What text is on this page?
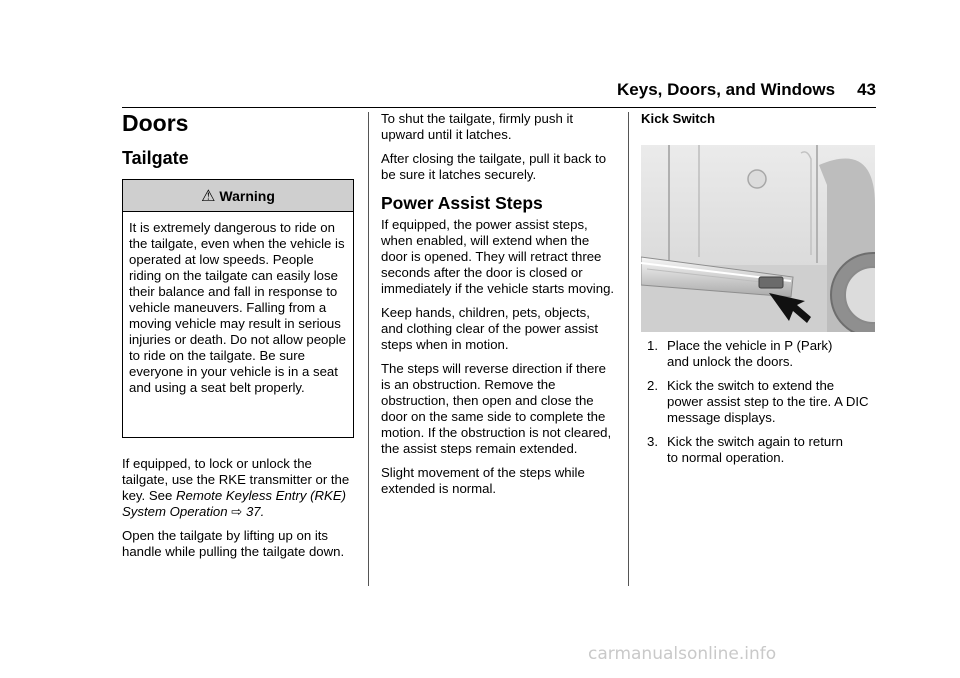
Keys, Doors, and Windows 43
Doors
Tailgate
⚠ Warning
It is extremely dangerous to ride on the tailgate, even when the vehicle is operated at low speeds. People riding on the tailgate can easily lose their balance and fall in response to vehicle maneuvers. Falling from a moving vehicle may result in serious injuries or death. Do not allow people to ride on the tailgate. Be sure everyone in your vehicle is in a seat and using a seat belt properly.

If equipped, to lock or unlock the tailgate, use the RKE transmitter or the key. See Remote Keyless Entry (RKE) System Operation ⇨ 37.

Open the tailgate by lifting up on its handle while pulling the tailgate down.

To shut the tailgate, firmly push it upward until it latches.

After closing the tailgate, pull it back to be sure it latches securely.

Power Assist Steps

If equipped, the power assist steps, when enabled, will extend when the door is opened. They will retract three seconds after the door is closed or immediately if the vehicle starts moving.

Keep hands, children, pets, objects, and clothing clear of the power assist steps when in motion.

The steps will reverse direction if there is an obstruction. Remove the obstruction, then open and close the door on the same side to complete the motion. If the obstruction is not cleared, the assist steps remain extended.

Slight movement of the steps while extended is normal.

Kick Switch
1. Place the vehicle in P (Park)
and unlock the doors.
2. Kick the switch to extend the
power assist step to the tire. A DIC message displays.
3. Kick the switch again to return
to normal operation.
carmanualsonline.info
